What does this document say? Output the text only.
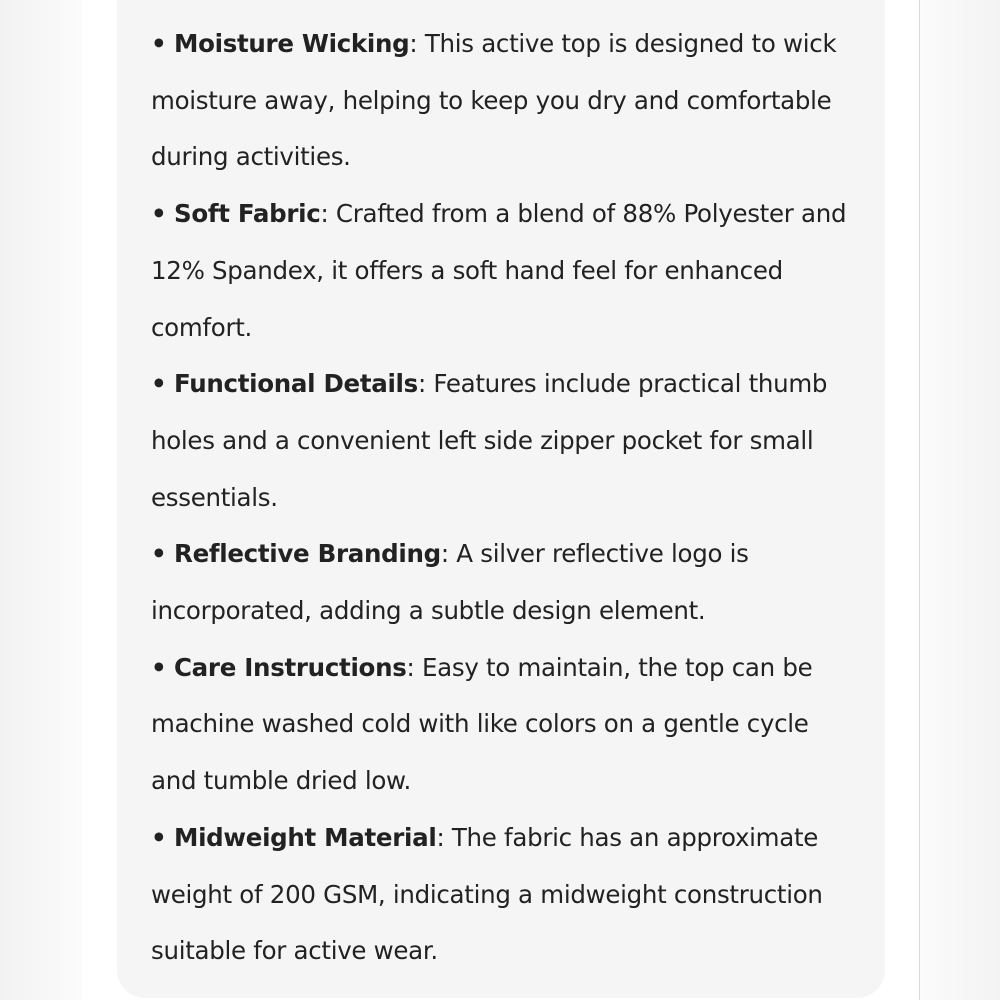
• Moisture Wicking: This active top is designed to wick moisture away, helping to keep you dry and comfortable during activities.
• Soft Fabric: Crafted from a blend of 88% Polyester and 12% Spandex, it offers a soft hand feel for enhanced comfort.
• Functional Details: Features include practical thumb holes and a convenient left side zipper pocket for small essentials.
• Reflective Branding: A silver reflective logo is incorporated, adding a subtle design element.
• Care Instructions: Easy to maintain, the top can be machine washed cold with like colors on a gentle cycle and tumble dried low.
• Midweight Material: The fabric has an approximate weight of 200 GSM, indicating a midweight construction suitable for active wear.
